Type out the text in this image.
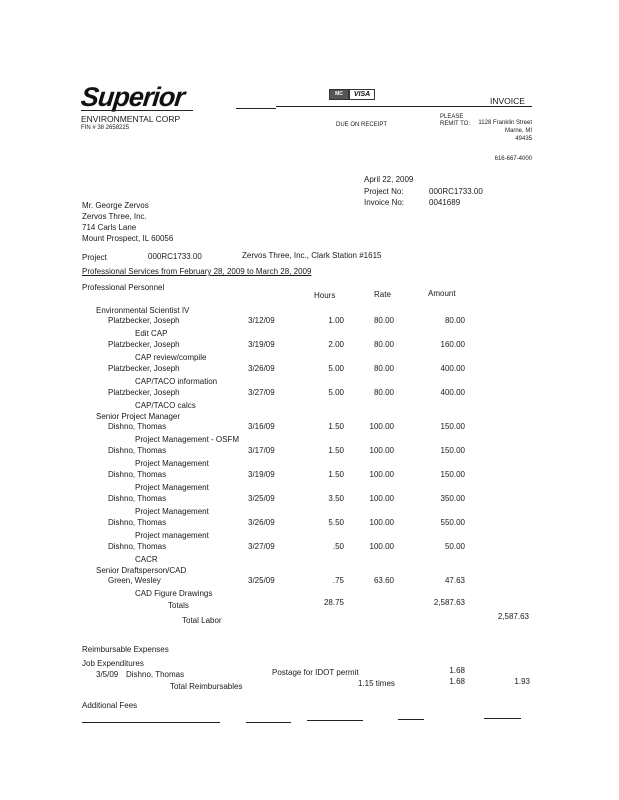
Superior
ENVIRONMENTAL CORP
FIN # 38 2658225
MC	VISA
INVOICE
DUE ON RECEIPT
PLEASE
REMIT TO:	1128 Franklin Street
Marne, MI
49435
616-667-4000
April 22, 2009
Project No:	000RC1733.00
Invoice No:	0041689
Mr. George Zervos
Zervos Three, Inc.
714 Carls Lane
Mount Prospect, IL 60056
Project	000RC1733.00	Zervos Three, Inc., Clark Station #1615
Professional Services from February 28, 2009 to March 28, 2009
Professional Personnel
Hours	Rate	Amount
Environmental Scientist IV
Platzbecker, Joseph	3/12/09	1.00	80.00	80.00
Edit CAP
Platzbecker, Joseph	3/19/09	2.00	80.00	160.00
CAP review/compile
Platzbecker, Joseph	3/26/09	5.00	80.00	400.00
CAP/TACO information
Platzbecker, Joseph	3/27/09	5.00	80.00	400.00
CAP/TACO calcs
Senior Project Manager
Dishno, Thomas	3/16/09	1.50	100.00	150.00
Project Management - OSFM
Dishno, Thomas	3/17/09	1.50	100.00	150.00
Project Management
Dishno, Thomas	3/19/09	1.50	100.00	150.00
Project Management
Dishno, Thomas	3/25/09	3.50	100.00	350.00
Project Management
Dishno, Thomas	3/26/09	5.50	100.00	550.00
Project management
Dishno, Thomas	3/27/09	.50	100.00	50.00
CACR
Senior Draftsperson/CAD
Green, Wesley	3/25/09	.75	63.60	47.63
CAD Figure Drawings
Totals	28.75	2,587.63
Total Labor	2,587.63
Reimbursable Expenses
Job Expenditures
3/5/09 Dishno, Thomas	Postage for IDOT permit	1.68
Total Reimbursables	1.15 times	1.68	1.93
Additional Fees
